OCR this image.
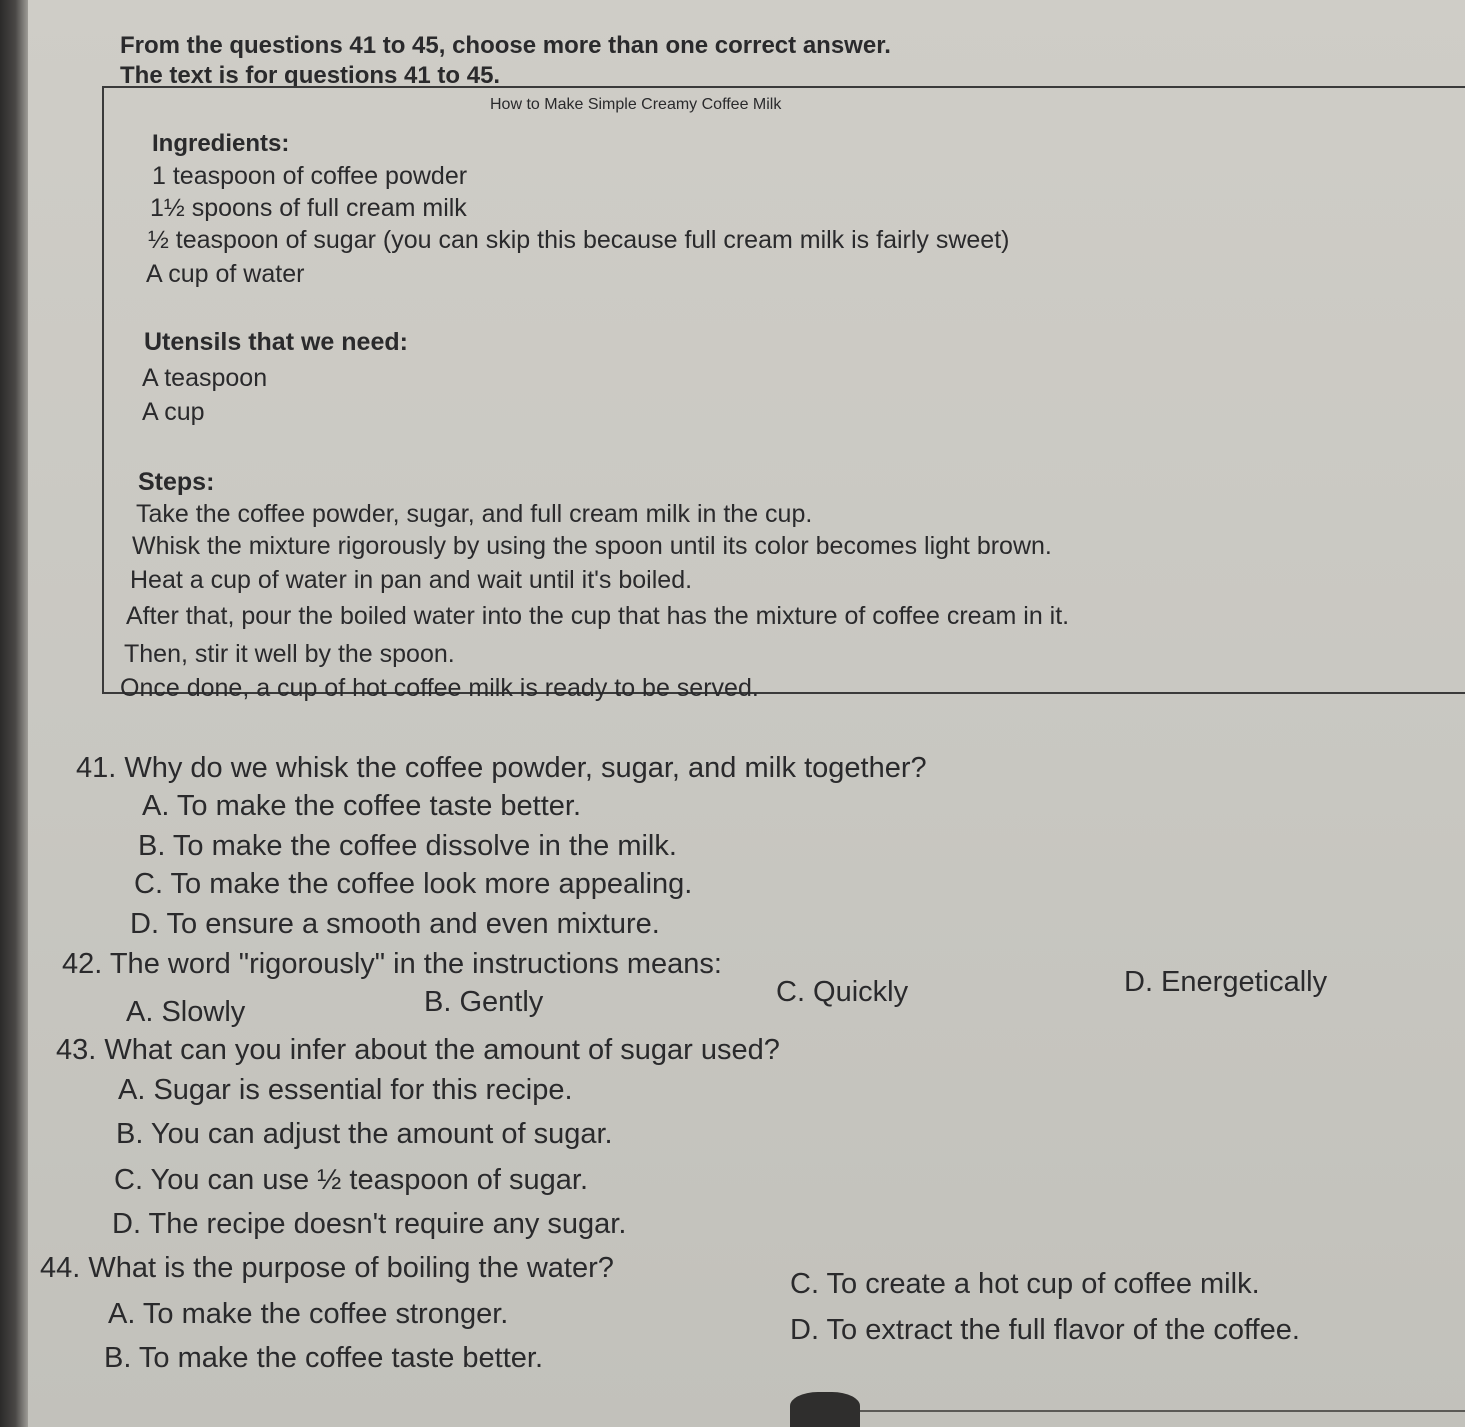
From the questions 41 to 45, choose more than one correct answer.
The text is for questions 41 to 45.
How to Make Simple Creamy Coffee Milk
Ingredients:
1 teaspoon of coffee powder
1½ spoons of full cream milk
½ teaspoon of sugar (you can skip this because full cream milk is fairly sweet)
A cup of water
Utensils that we need:
A teaspoon
A cup
Steps:
Take the coffee powder, sugar, and full cream milk in the cup.
Whisk the mixture rigorously by using the spoon until its color becomes light brown.
Heat a cup of water in pan and wait until it's boiled.
After that, pour the boiled water into the cup that has the mixture of coffee cream in it.
Then, stir it well by the spoon.
Once done, a cup of hot coffee milk is ready to be served.
41. Why do we whisk the coffee powder, sugar, and milk together?
A. To make the coffee taste better.
B. To make the coffee dissolve in the milk.
C. To make the coffee look more appealing.
D. To ensure a smooth and even mixture.
42. The word "rigorously" in the instructions means:
A. Slowly	B. Gently	C. Quickly	D. Energetically
43. What can you infer about the amount of sugar used?
A. Sugar is essential for this recipe.
B. You can adjust the amount of sugar.
C. You can use ½ teaspoon of sugar.
D. The recipe doesn't require any sugar.
44. What is the purpose of boiling the water?
A. To make the coffee stronger.
B. To make the coffee taste better.
C. To create a hot cup of coffee milk.
D. To extract the full flavor of the coffee.
